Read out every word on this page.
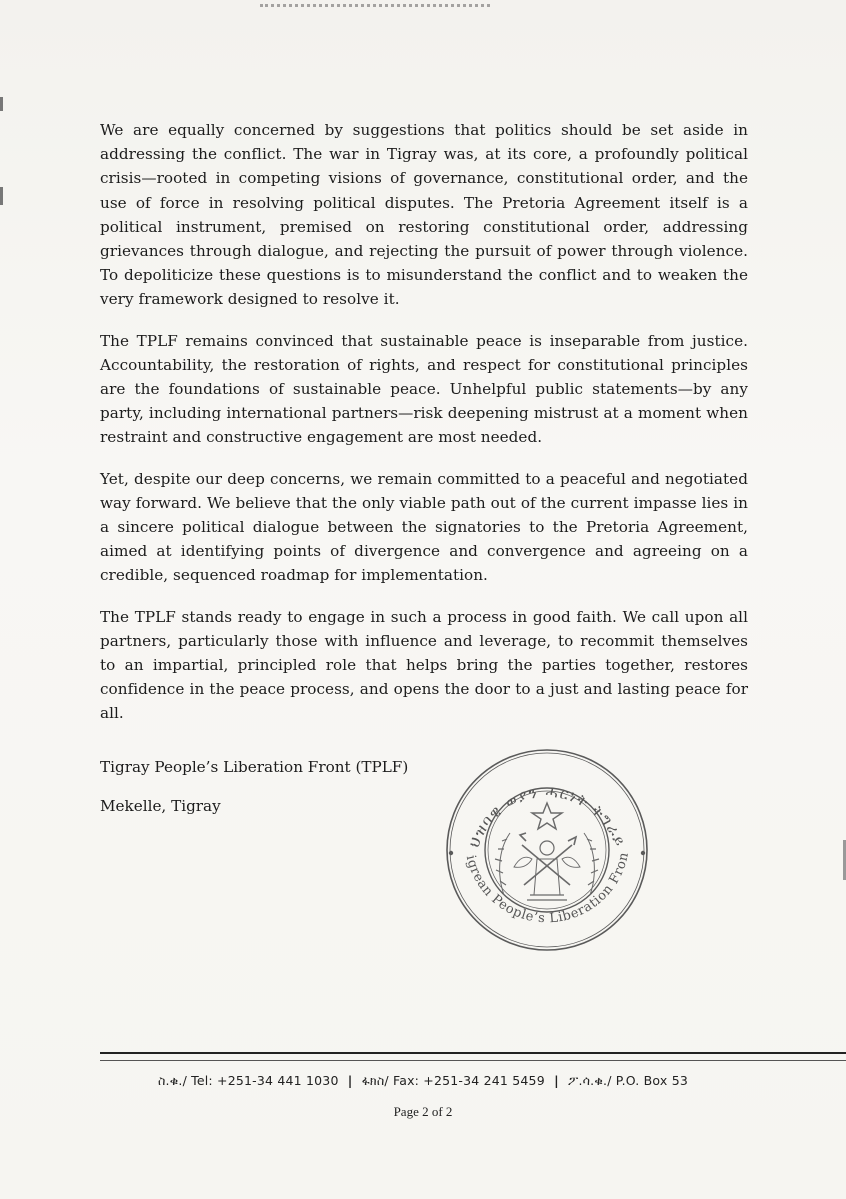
We are equally concerned by suggestions that politics should be set aside in addressing the conflict. The war in Tigray was, at its core, a profoundly political crisis—rooted in competing visions of governance, constitutional order, and the use of force in resolving political disputes. The Pretoria Agreement itself is a political instrument, premised on restoring constitutional order, addressing grievances through dialogue, and rejecting the pursuit of power through violence. To depoliticize these questions is to misunderstand the conflict and to weaken the very framework designed to resolve it.

The TPLF remains convinced that sustainable peace is inseparable from justice. Accountability, the restoration of rights, and respect for constitutional principles are the foundations of sustainable peace. Unhelpful public statements—by any party, including international partners—risk deepening mistrust at a moment when restraint and constructive engagement are most needed.

Yet, despite our deep concerns, we remain committed to a peaceful and negotiated way forward. We believe that the only viable path out of the current impasse lies in a sincere political dialogue between the signatories to the Pretoria Agreement, aimed at identifying points of divergence and convergence and agreeing on a credible, sequenced roadmap for implementation.

The TPLF stands ready to engage in such a process in good faith. We call upon all partners, particularly those with influence and leverage, to recommit themselves to an impartial, principled role that helps bring the parties together, restores confidence in the peace process, and opens the door to a just and lasting peace for all.

Tigray People’s Liberation Front (TPLF)

Mekelle, Tigray

ህዝባዊ ወያን ሓርነት ትግራይ
igrean People’s Liberation Fron
ስ.ቁ./ Tel: +251-34 441 1030 | ፋክስ/ Fax: +251-34 241 5459 | ፖ.ሳ.ቁ./ P.O. Box 53
Page 2 of 2
